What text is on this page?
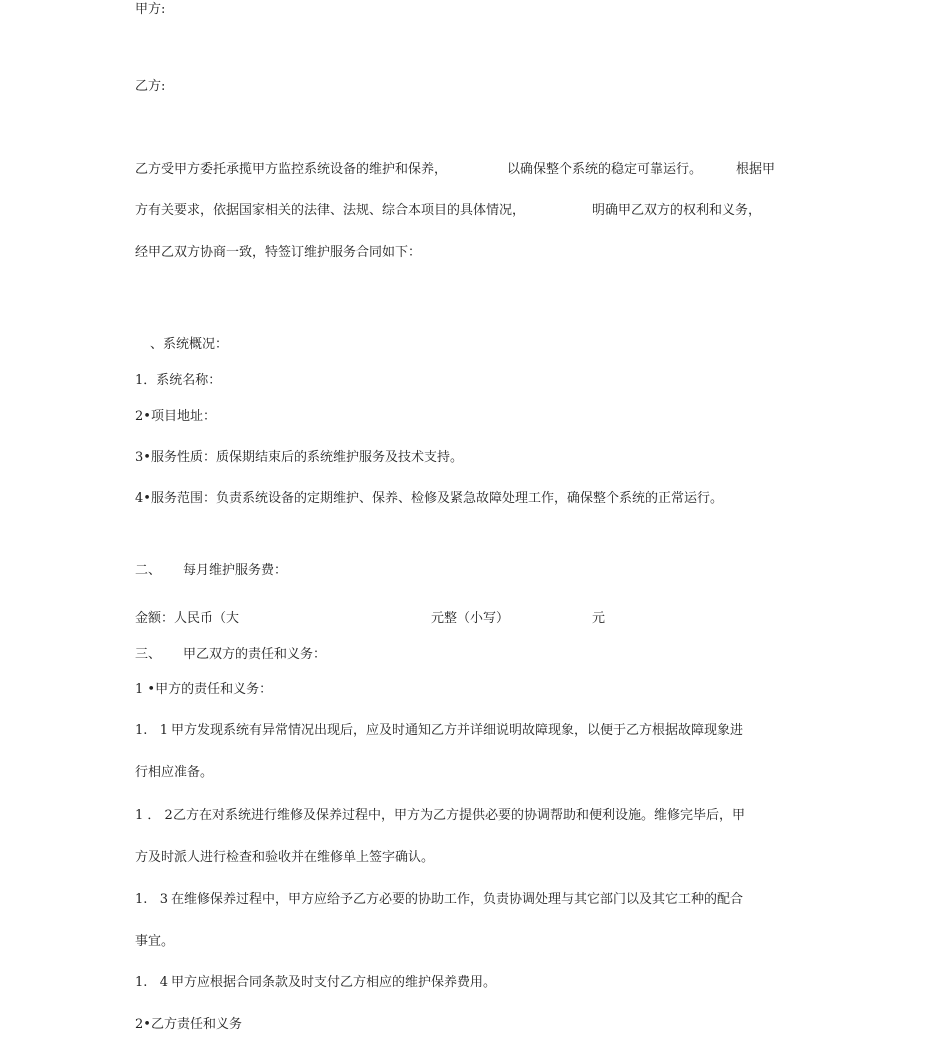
甲方:
乙方:
乙方受甲方委托承揽甲方监控系统设备的维护和保养，	以确保整个系统的稳定可靠运行。	根据甲
方有关要求，依据国家相关的法律、法规、综合本项目的具体情况，	明确甲乙双方的权利和义务，
经甲乙双方协商一致，特签订维护服务合同如下：
、系统概况：
1．系统名称：
2•项目地址：
3•服务性质：质保期结束后的系统维护服务及技术支持。
4•服务范围：负责系统设备的定期维护、保养、检修及紧急故障处理工作，确保整个系统的正常运行。
二、 每月维护服务费：
金额：人民币（大	元整（小写）	元
三、 甲乙双方的责任和义务：
1 •甲方的责任和义务：
1.   1 甲方发现系统有异常情况出现后，应及时通知乙方并详细说明故障现象，以便于乙方根据故障现象进
行相应准备。
1 ． 2 乙方在对系统进行维修及保养过程中，甲方为乙方提供必要的协调帮助和便利设施。维修完毕后，甲
方及时派人进行检查和验收并在维修单上签字确认。
1.   3 在维修保养过程中，甲方应给予乙方必要的协助工作，负责协调处理与其它部门以及其它工种的配合
事宜。
1.   4 甲方应根据合同条款及时支付乙方相应的维护保养费用。
2•乙方责任和义务
